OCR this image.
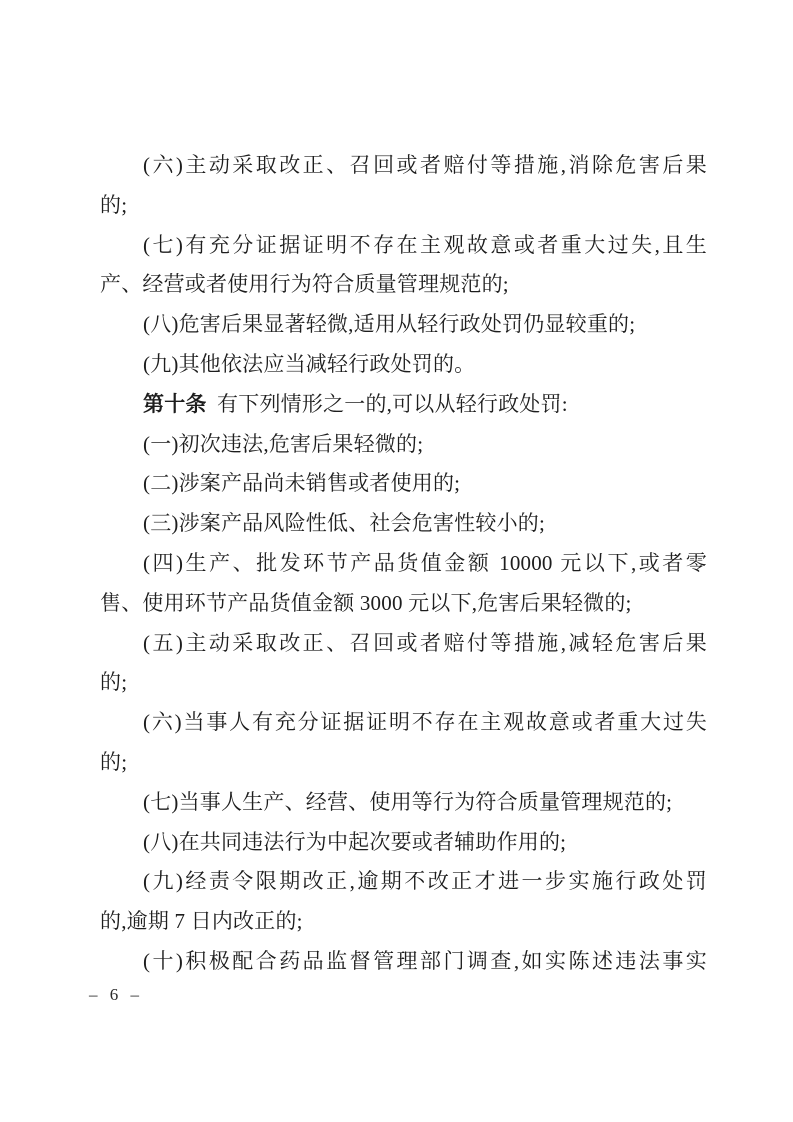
(六)主动采取改正、召回或者赔付等措施,消除危害后果
的;
(七)有充分证据证明不存在主观故意或者重大过失,且生
产、经营或者使用行为符合质量管理规范的;
(八)危害后果显著轻微,适用从轻行政处罚仍显较重的;
(九)其他依法应当减轻行政处罚的。
第十条 有下列情形之一的,可以从轻行政处罚:
(一)初次违法,危害后果轻微的;
(二)涉案产品尚未销售或者使用的;
(三)涉案产品风险性低、社会危害性较小的;
(四)生产、批发环节产品货值金额 10000 元以下,或者零
售、使用环节产品货值金额 3000 元以下,危害后果轻微的;
(五)主动采取改正、召回或者赔付等措施,减轻危害后果
的;
(六)当事人有充分证据证明不存在主观故意或者重大过失
的;
(七)当事人生产、经营、使用等行为符合质量管理规范的;
(八)在共同违法行为中起次要或者辅助作用的;
(九)经责令限期改正,逾期不改正才进一步实施行政处罚
的,逾期 7 日内改正的;
(十)积极配合药品监督管理部门调查,如实陈述违法事实
– 6 –
